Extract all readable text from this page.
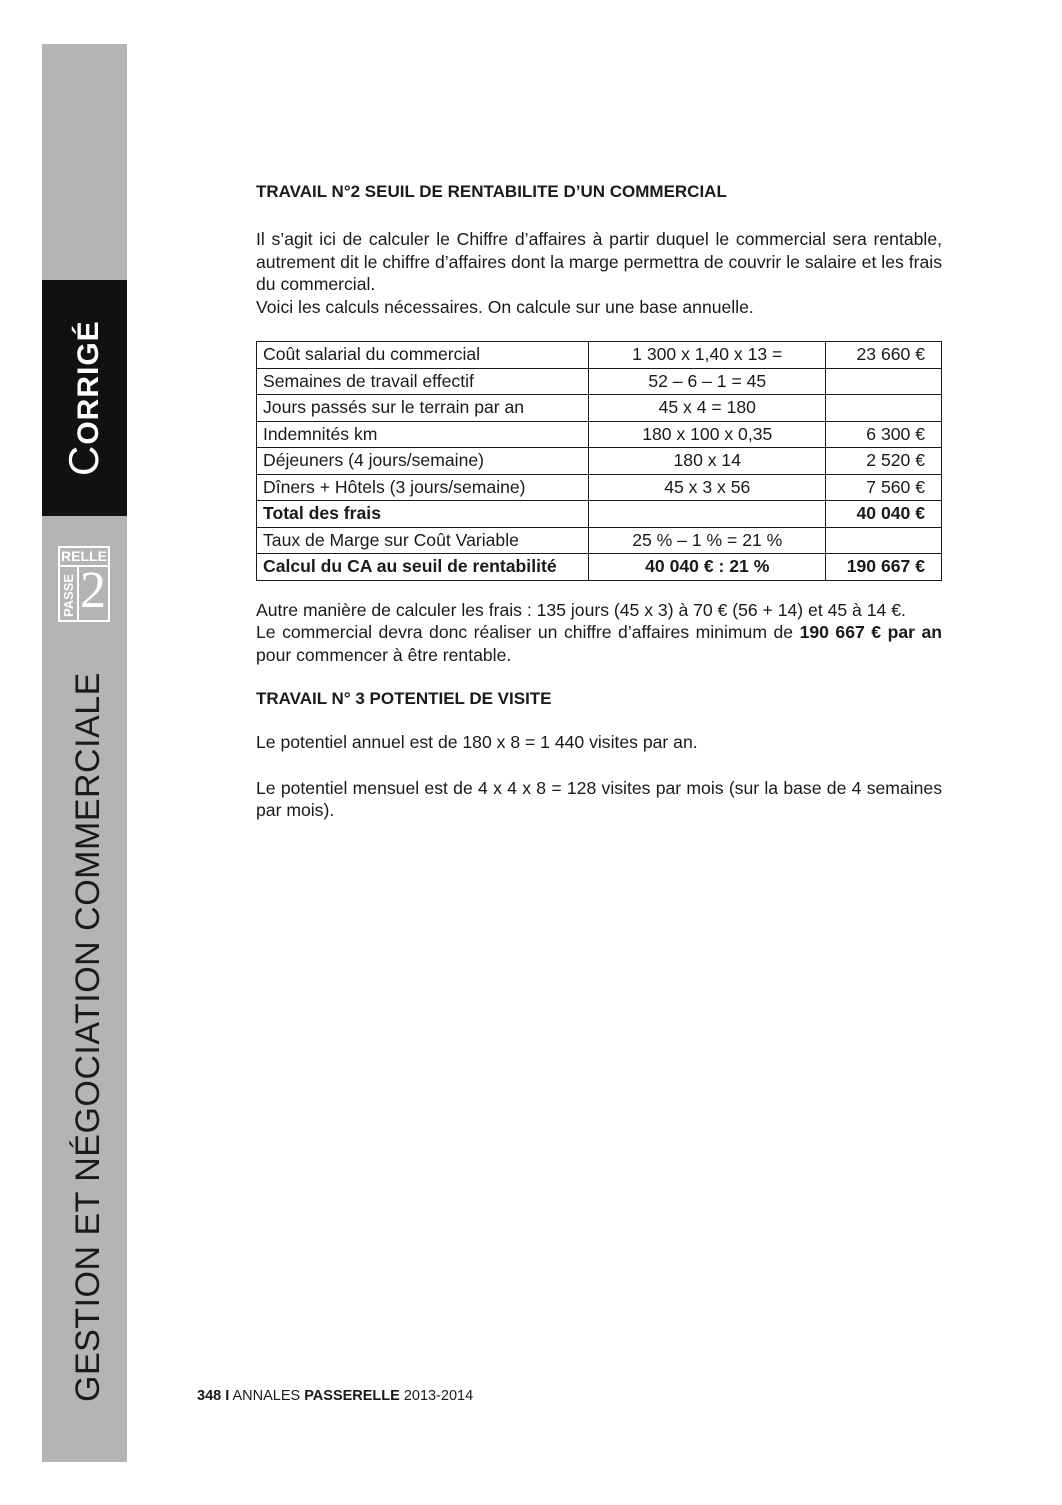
CORRIGÉ
RELLE
PASSE 2
GESTION ET NÉGOCIATION COMMERCIALE
TRAVAIL N°2 SEUIL DE RENTABILITE D’UN COMMERCIAL

Il s’agit ici de calculer le Chiffre d’affaires à partir duquel le commercial sera rentable, autrement dit le chiffre d’affaires dont la marge permettra de couvrir le salaire et les frais du commercial.

Voici les calculs nécessaires. On calcule sur une base annuelle.

Coût salarial du commercial	1 300 x 1,40 x 13 =	23 660 €
Semaines de travail effectif	52 – 6 – 1 = 45	
Jours passés sur le terrain par an	45 x 4 = 180	
Indemnités km	180 x 100 x 0,35	6 300 €
Déjeuners (4 jours/semaine)	180 x 14	2 520 €
Dîners + Hôtels (3 jours/semaine)	45 x 3 x 56	7 560 €
Total des frais		40 040 €
Taux de Marge sur Coût Variable	25 % – 1 % = 21 %	
Calcul du CA au seuil de rentabilité	40 040 € : 21 %	190 667 €

Autre manière de calculer les frais : 135 jours (45 x 3) à 70 € (56 + 14) et 45 à 14 €.

Le commercial devra donc réaliser un chiffre d’affaires minimum de 190 667 € par an pour commencer à être rentable.

TRAVAIL N° 3 POTENTIEL DE VISITE

Le potentiel annuel est de 180 x 8 = 1 440 visites par an.

Le potentiel mensuel est de 4 x 4 x 8 = 128 visites par mois (sur la base de 4 semaines par mois).

348 I ANNALES PASSERELLE 2013-2014
